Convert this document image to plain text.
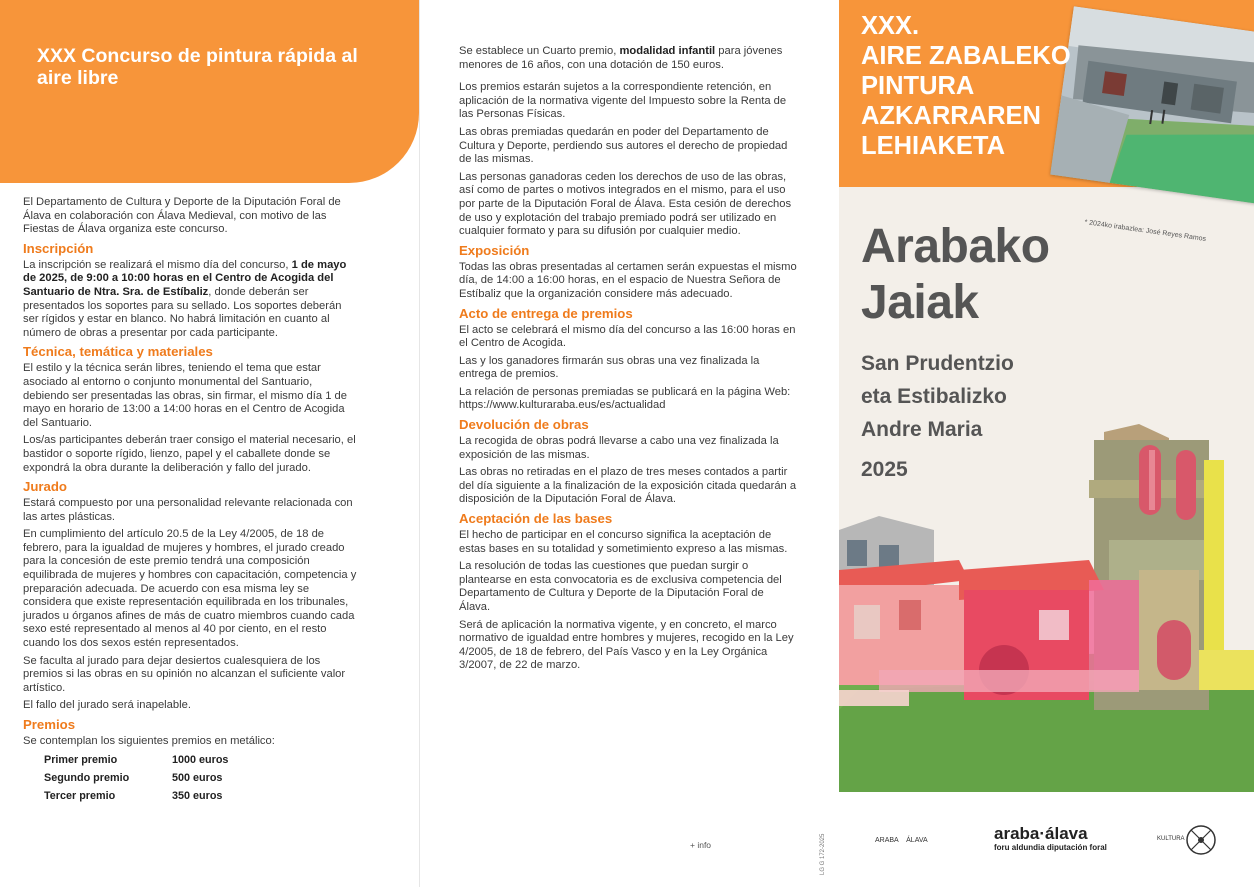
XXX Concurso de pintura rápida al aire libre

El Departamento de Cultura y Deporte de la Diputación Foral de Álava en colaboración con Álava Medieval, con motivo de las Fiestas de Álava organiza este concurso.

Inscripción

La inscripción se realizará el mismo día del concurso, 1 de mayo de 2025, de 9:00 a 10:00 horas en el Centro de Acogida del Santuario de Ntra. Sra. de Estíbaliz, donde deberán ser presentados los soportes para su sellado. Los soportes deberán ser rígidos y estar en blanco. No habrá limitación en cuanto al número de obras a presentar por cada participante.

Técnica, temática y materiales

El estilo y la técnica serán libres, teniendo el tema que estar asociado al entorno o conjunto monumental del Santuario, debiendo ser presentadas las obras, sin firmar, el mismo día 1 de mayo en horario de 13:00 a 14:00 horas en el Centro de Acogida del Santuario.

Los/as participantes deberán traer consigo el material necesario, el bastidor o soporte rígido, lienzo, papel y el caballete donde se expondrá la obra durante la deliberación y fallo del jurado.

Jurado

Estará compuesto por una personalidad relevante relacionada con las artes plásticas.

En cumplimiento del artículo 20.5 de la Ley 4/2005, de 18 de febrero, para la igualdad de mujeres y hombres, el jurado creado para la concesión de este premio tendrá una composición equilibrada de mujeres y hombres con capacitación, competencia y preparación adecuada. De acuerdo con esa misma ley se considera que existe representación equilibrada en los tribunales, jurados u órganos afines de más de cuatro miembros cuando cada sexo esté representado al menos al 40 por ciento, en el resto cuando los dos sexos estén representados.

Se faculta al jurado para dejar desiertos cualesquiera de los premios si las obras en su opinión no alcanzan el suficiente valor artístico.

El fallo del jurado será inapelable.

Premios

Se contemplan los siguientes premios en metálico:

Primer premio	1000 euros
Segundo premio	500 euros
Tercer premio	350 euros

Se establece un Cuarto premio, modalidad infantil para jóvenes menores de 16 años, con una dotación de 150 euros.

Los premios estarán sujetos a la correspondiente retención, en aplicación de la normativa vigente del Impuesto sobre la Renta de las Personas Físicas.

Las obras premiadas quedarán en poder del Departamento de Cultura y Deporte, perdiendo sus autores el derecho de propiedad de las mismas.

Las personas ganadoras ceden los derechos de uso de las obras, así como de partes o motivos integrados en el mismo, para el uso por parte de la Diputación Foral de Álava. Esta cesión de derechos de uso y explotación del trabajo premiado podrá ser utilizado en cualquier formato y para su difusión por cualquier medio.

Exposición

Todas las obras presentadas al certamen serán expuestas el mismo día, de 14:00 a 16:00 horas, en el espacio de Nuestra Señora de Estíbaliz que la organización considere más adecuado.

Acto de entrega de premios

El acto se celebrará el mismo día del concurso a las 16:00 horas en el Centro de Acogida.

Las y los ganadores firmarán sus obras una vez finalizada la entrega de premios.

La relación de personas premiadas se publicará en la página Web: https://www.kulturaraba.eus/es/actualidad

Devolución de obras

La recogida de obras podrá llevarse a cabo una vez finalizada la exposición de las mismas.

Las obras no retiradas en el plazo de tres meses contados a partir del día siguiente a la finalización de la exposición citada quedarán a disposición de la Diputación Foral de Álava.

Aceptación de las bases

El hecho de participar en el concurso significa la aceptación de estas bases en su totalidad y sometimiento expreso a las mismas.

La resolución de todas las cuestiones que puedan surgir o plantearse en esta convocatoria es de exclusiva competencia del Departamento de Cultura y Deporte de la Diputación Foral de Álava.

Será de aplicación la normativa vigente, y en concreto, el marco normativo de igualdad entre hombres y mujeres, recogido en la Ley 4/2005, de 18 de febrero, del País Vasco y en la Ley Orgánica 3/2007, de 22 de marzo.

+ info	LG G 172-2025
XXX.
AIRE ZABALEKO
PINTURA
AZKARRAREN
LEHIAKETA
* 2024ko irabazlea: José Reyes Ramos
Arabako
Jaiak
San Prudentzio
eta Estibalizko
Andre Maria
2025
ARABA ÁLAVA	araba·álava
foru aldundia diputación foral
KULTURA
